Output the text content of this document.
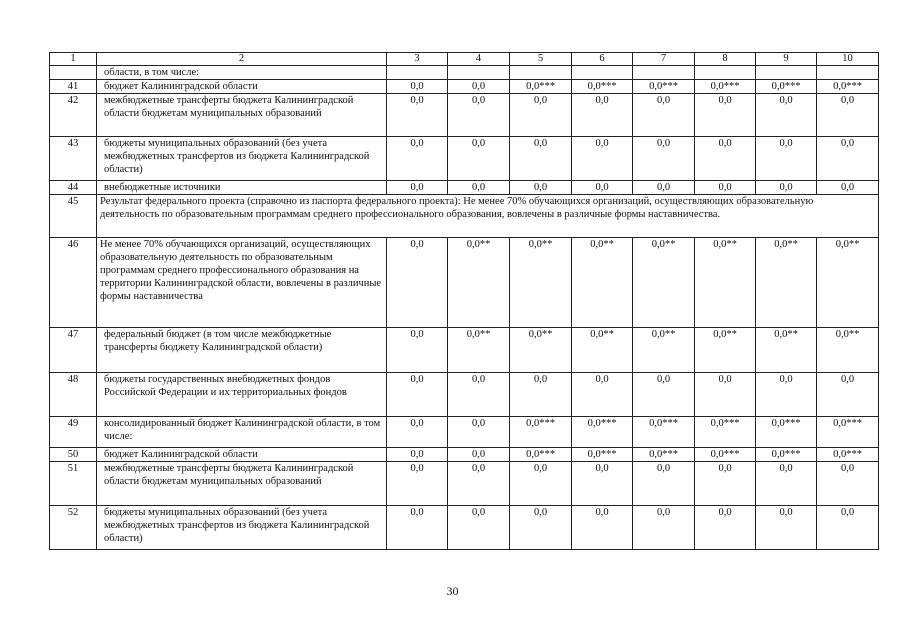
1	2	3	4	5	6	7	8	9	10
	области, в том числе:								
41	бюджет Калининградской области	0,0	0,0	0,0***	0,0***	0,0***	0,0***	0,0***	0,0***
42	межбюджетные трансферты бюджета Калининградской области бюджетам муниципальных образований	0,0	0,0	0,0	0,0	0,0	0,0	0,0	0,0
43	бюджеты муниципальных образований (без учета межбюджетных трансфертов из бюджета Калининградской области)	0,0	0,0	0,0	0,0	0,0	0,0	0,0	0,0
44	внебюджетные источники	0,0	0,0	0,0	0,0	0,0	0,0	0,0	0,0
45	Результат федерального проекта (справочно из паспорта федерального проекта): Не менее 70% обучающихся организаций, осуществляющих образовательную деятельность по образовательным программам среднего профессионального образования, вовлечены в различные формы наставничества.								
46	Не менее 70% обучающихся организаций, осуществляющих образовательную деятельность по образовательным программам среднего профессионального образования на территории Калининградской области, вовлечены в различные формы наставничества	0,0	0,0**	0,0**	0,0**	0,0**	0,0**	0,0**	0,0**
47	федеральный бюджет (в том числе межбюджетные трансферты бюджету Калининградской области)	0,0	0,0**	0,0**	0,0**	0,0**	0,0**	0,0**	0,0**
48	бюджеты государственных внебюджетных фондов Российской Федерации и их территориальных фондов	0,0	0,0	0,0	0,0	0,0	0,0	0,0	0,0
49	консолидированный бюджет Калининградской области, в том числе:	0,0	0,0	0,0***	0,0***	0,0***	0,0***	0,0***	0,0***
50	бюджет Калининградской области	0,0	0,0	0,0***	0,0***	0,0***	0,0***	0,0***	0,0***
51	межбюджетные трансферты бюджета Калининградской области бюджетам муниципальных образований	0,0	0,0	0,0	0,0	0,0	0,0	0,0	0,0
52	бюджеты муниципальных образований (без учета межбюджетных трансфертов из бюджета Калининградской области)	0,0	0,0	0,0	0,0	0,0	0,0	0,0	0,0
30
